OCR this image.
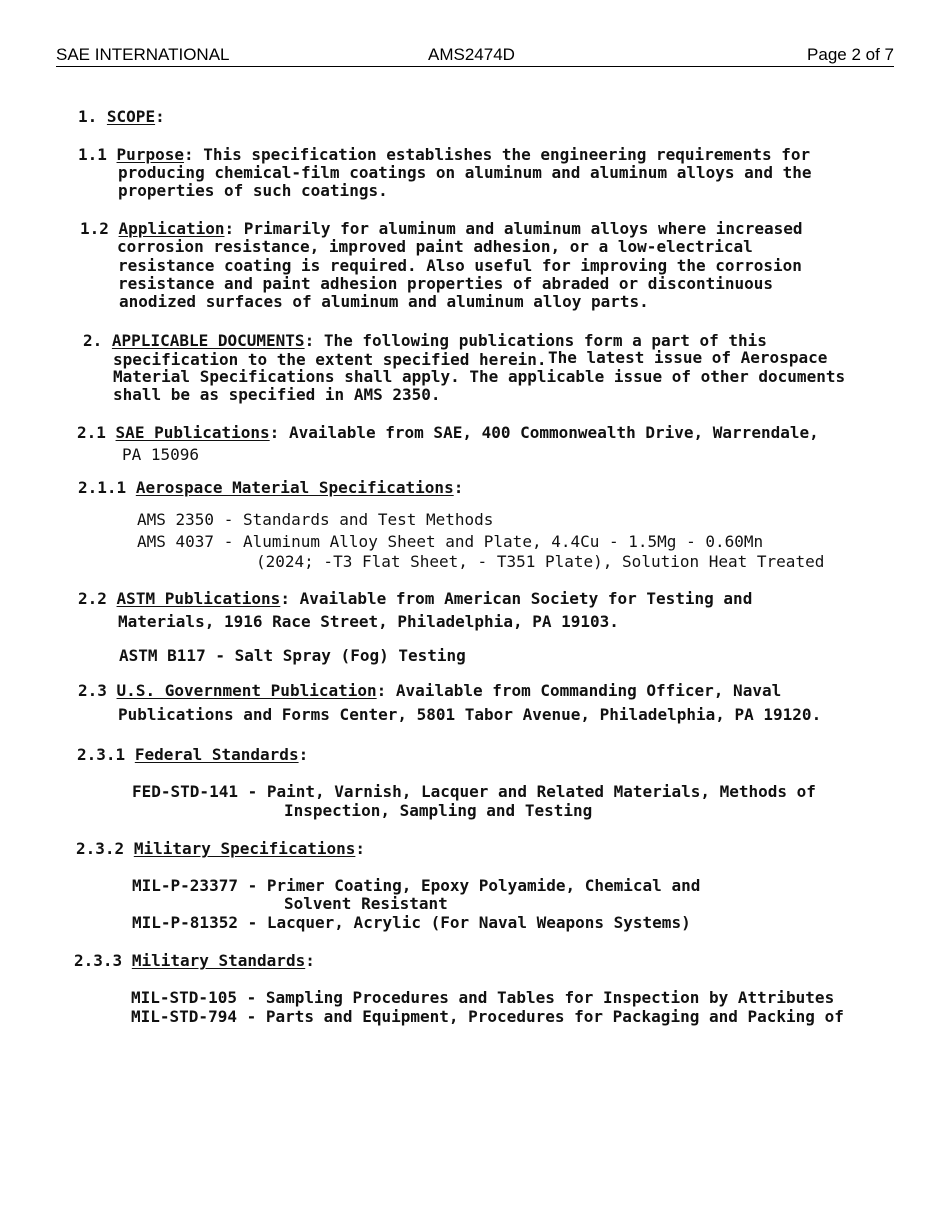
SAE INTERNATIONAL	AMS2474D	Page 2 of 7
1. SCOPE:
1.1 Purpose: This specification establishes the engineering requirements for
producing chemical-film coatings on aluminum and aluminum alloys and the
properties of such coatings.
1.2 Application: Primarily for aluminum and aluminum alloys where increased
corrosion resistance, improved paint adhesion, or a low-electrical
resistance coating is required. Also useful for improving the corrosion
resistance and paint adhesion properties of abraded or discontinuous
anodized surfaces of aluminum and aluminum alloy parts.
2. APPLICABLE DOCUMENTS: The following publications form a part of this
specification to the extent specified herein. The latest issue of Aerospace
Material Specifications shall apply. The applicable issue of other documents
shall be as specified in AMS 2350.
2.1 SAE Publications: Available from SAE, 400 Commonwealth Drive, Warrendale,
PA 15096
2.1.1 Aerospace Material Specifications:
AMS 2350 - Standards and Test Methods
AMS 4037 - Aluminum Alloy Sheet and Plate, 4.4Cu - 1.5Mg - 0.60Mn
(2024; -T3 Flat Sheet, - T351 Plate), Solution Heat Treated
2.2 ASTM Publications: Available from American Society for Testing and
Materials, 1916 Race Street, Philadelphia, PA 19103.
ASTM B117 - Salt Spray (Fog) Testing
2.3 U.S. Government Publication: Available from Commanding Officer, Naval
Publications and Forms Center, 5801 Tabor Avenue, Philadelphia, PA 19120.
2.3.1 Federal Standards:
FED-STD-141 - Paint, Varnish, Lacquer and Related Materials, Methods of
Inspection, Sampling and Testing
2.3.2 Military Specifications:
MIL-P-23377 - Primer Coating, Epoxy Polyamide, Chemical and
Solvent Resistant
MIL-P-81352 - Lacquer, Acrylic (For Naval Weapons Systems)
2.3.3 Military Standards:
MIL-STD-105 - Sampling Procedures and Tables for Inspection by Attributes
MIL-STD-794 - Parts and Equipment, Procedures for Packaging and Packing of
